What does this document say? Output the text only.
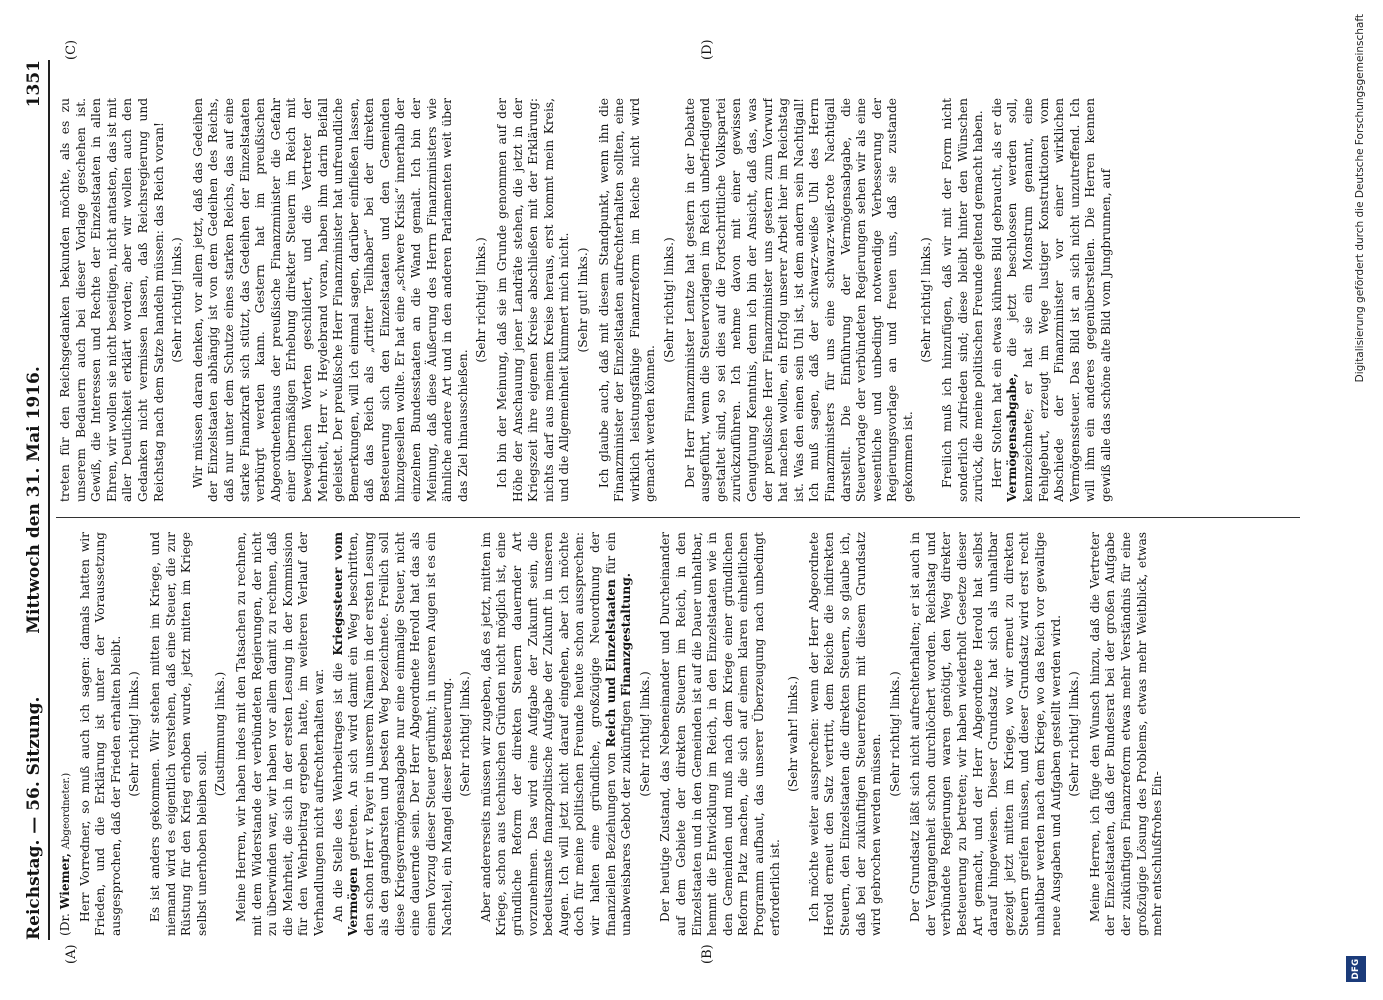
Reichstag. — 56. Sitzung.
Mittwoch den 31. Mai 1916.
1351
(A)	(B)
(C)	(D)

(Dr. Wiemer, Abgeordneter.) Herr Vorredner, so muß auch ich sagen: damals hatten wir Frieden, und die Erklärung ist unter der Voraussetzung ausgesprochen, daß der Frieden erhalten bleibt. (Sehr richtig! links.) Es ist anders gekommen. Wir stehen mitten im Kriege, und niemand wird es eigentlich verstehen, daß eine Steuer, die zur Rüstung für den Krieg erhoben wurde, jetzt mitten im Kriege selbst unerhoben bleiben soll.

(Zustimmung links.) Meine Herren, wir haben indes mit den Tatsachen zu rechnen, mit dem Widerstande der verbündeten Regierungen, der nicht zu überwinden war, wir haben vor allem damit zu rechnen, daß die Mehrheit, die sich in der ersten Lesung in der Kommission für den Wehrbeitrag ergeben hatte, im weiteren Verlauf der Verhandlungen nicht aufrechterhalten war. An die Stelle des Wehrbeitrages ist die Kriegssteuer vom Vermögen getreten. An sich wird damit ein Weg beschritten, den schon Herr v. Payer in unserem Namen in der ersten Lesung als den gangbarsten und besten Weg bezeichnete. Freilich soll diese Kriegsvermögensabgabe nur eine einmalige Steuer, nicht eine dauernde sein. Der Herr Abgeordnete Herold hat das als einen Vorzug dieser Steuer gerühmt; in unseren Augen ist es ein Nachteil, ein Mangel dieser Besteuerung. (Sehr richtig! links.) Aber andererseits müssen wir zugeben, daß es jetzt, mitten im Kriege, schon aus technischen Gründen nicht möglich ist, eine gründliche Reform der direkten Steuern dauernder Art vorzunehmen. Das wird eine Aufgabe der Zukunft sein, die bedeutsamste finanzpolitische Aufgabe der Zukunft in unseren Augen. Ich will jetzt nicht darauf eingehen, aber ich möchte doch für meine politischen Freunde heute schon aussprechen: wir halten eine gründliche, großzügige Neuordnung der finanziellen Beziehungen von Reich und Einzelstaaten für ein unabweisbares Gebot der zukünftigen Finanzgestaltung.

(Sehr richtig! links.) Der heutige Zustand, das Nebeneinander und Durcheinander auf dem Gebiete der direkten Steuern im Reich, in den Einzelstaaten und in den Gemeinden ist auf die Dauer unhaltbar, hemmt die Entwicklung im Reich, in den Einzelstaaten wie in den Gemeinden und muß nach dem Kriege einer gründlichen Reform Platz machen, die sich auf einem klaren einheitlichen Programm aufbaut, das unserer Überzeugung nach unbedingt erforderlich ist.

(Sehr wahr! links.) Ich möchte weiter aussprechen: wenn der Herr Abgeordnete Herold erneut den Satz vertritt, dem Reiche die indirekten Steuern, den Einzelstaaten die direkten Steuern, so glaube ich, daß bei der zukünftigen Steuerreform mit diesem Grundsatz wird gebrochen werden müssen. (Sehr richtig! links.) Der Grundsatz läßt sich nicht aufrechterhalten; er ist auch in der Vergangenheit schon durchlöchert worden. Reichstag und verbündete Regierungen waren genötigt, den Weg direkter Besteuerung zu betreten; wir haben wiederholt Gesetze dieser Art gemacht, und der Herr Abgeordnete Herold hat selbst darauf hingewiesen. Dieser Grundsatz hat sich als unhaltbar gezeigt jetzt mitten im Kriege, wo wir erneut zu direkten Steuern greifen müssen, und dieser Grundsatz wird erst recht unhaltbar werden nach dem Kriege, wo das Reich vor gewaltige neue Ausgaben und Aufgaben gestellt werden wird. (Sehr richtig! links.) Meine Herren, ich füge den Wunsch hinzu, daß die Vertreter der Einzelstaaten, daß der Bundesrat bei der großen Aufgabe der zukünftigen Finanzreform etwas mehr Verständnis für eine großzügige Lösung des Problems, etwas mehr Weitblick, etwas mehr entschlußfrohes Ein-

treten für den Reichsgedanken bekunden möchte, als es zu unserem Bedauern auch bei dieser Vorlage geschehen ist. Gewiß, die Interessen und Rechte der Einzelstaaten in allen Ehren, wir wollen sie nicht beseitigen, nicht antasten, das ist mit aller Deutlichkeit erklärt worden; aber wir wollen auch den Gedanken nicht vermissen lassen, daß Reichsregierung und Reichstag nach dem Satze handeln müssen: das Reich voran! (Sehr richtig! links.) Wir müssen daran denken, vor allem jetzt, daß das Gedeihen der Einzelstaaten abhängig ist von dem Gedeihen des Reichs, daß nur unter dem Schutze eines starken Reichs, das auf eine starke Finanzkraft sich stützt, das Gedeihen der Einzelstaaten verbürgt werden kann. Gestern hat im preußischen Abgeordnetenhaus der preußische Finanzminister die Gefahr einer übermäßigen Erhebung direkter Steuern im Reich mit beweglichen Worten geschildert, und die Vertreter der Mehrheit, Herr v. Heydebrand voran, haben ihm darin Beifall geleistet. Der preußische Herr Finanzminister hat unfreundliche Bemerkungen, will ich einmal sagen, darüber einfließen lassen, daß das Reich als „dritter Teilhaber“ bei der direkten Besteuerung sich den Einzelstaaten und den Gemeinden hinzugesellen wollte. Er hat eine „schwere Krisis“ innerhalb der einzelnen Bundesstaaten an die Wand gemalt. Ich bin der Meinung, daß diese Äußerung des Herrn Finanzministers wie ähnliche andere Art und in den anderen Parlamenten weit über das Ziel hinausschießen.

(Sehr richtig! links.) Ich bin der Meinung, daß sie im Grunde genommen auf der Höhe der Anschauung jener Landräte stehen, die jetzt in der Kriegszeit ihre eigenen Kreise abschließen mit der Erklärung: nichts darf aus meinem Kreise heraus, erst kommt mein Kreis, und die Allgemeinheit kümmert mich nicht. (Sehr gut! links.) Ich glaube auch, daß mit diesem Standpunkt, wenn ihn die Finanzminister der Einzelstaaten aufrechterhalten sollten, eine wirklich leistungsfähige Finanzreform im Reiche nicht wird gemacht werden können.

(Sehr richtig! links.) Der Herr Finanzminister Lentze hat gestern in der Debatte ausgeführt, wenn die Steuervorlagen im Reich unbefriedigend gestaltet sind, so sei dies auf die Fortschrittliche Volkspartei zurückzuführen. Ich nehme davon mit einer gewissen Genugtuung Kenntnis, denn ich bin der Ansicht, daß das, was der preußische Herr Finanzminister uns gestern zum Vorwurf hat machen wollen, ein Erfolg unserer Arbeit hier im Reichstag ist. Was den einen sein Uhl ist, ist dem andern sein Nachtigall! Ich muß sagen, daß der schwarz-weiße Uhl des Herrn Finanzministers für uns eine schwarz-weiß-rote Nachtigall darstellt. Die Einführung der Vermögensabgabe, die Steuervorlage der verbündeten Regierungen sehen wir als eine wesentliche und unbedingt notwendige Verbesserung der Regierungsvorlage an und freuen uns, daß sie zustande gekommen ist.

(Sehr richtig! links.) Freilich muß ich hinzufügen, daß wir mit der Form nicht sonderlich zufrieden sind; diese bleibt hinter den Wünschen zurück, die meine politischen Freunde geltend gemacht haben. Herr Stolten hat ein etwas kühnes Bild gebraucht, als er die Vermögensabgabe, die jetzt beschlossen werden soll, kennzeichnete; er hat sie ein Monstrum genannt, eine Fehlgeburt, erzeugt im Wege lustiger Konstruktionen vom Abschiede der Finanzminister vor einer wirklichen Vermögenssteuer. Das Bild ist an sich nicht unzutreffend. Ich will ihm ein anderes gegenüberstellen. Die Herren kennen gewiß alle das schöne alte Bild vom Jungbrunnen, auf

DFG
Digitalisierung gefördert durch die Deutsche Forschungsgemeinschaft
